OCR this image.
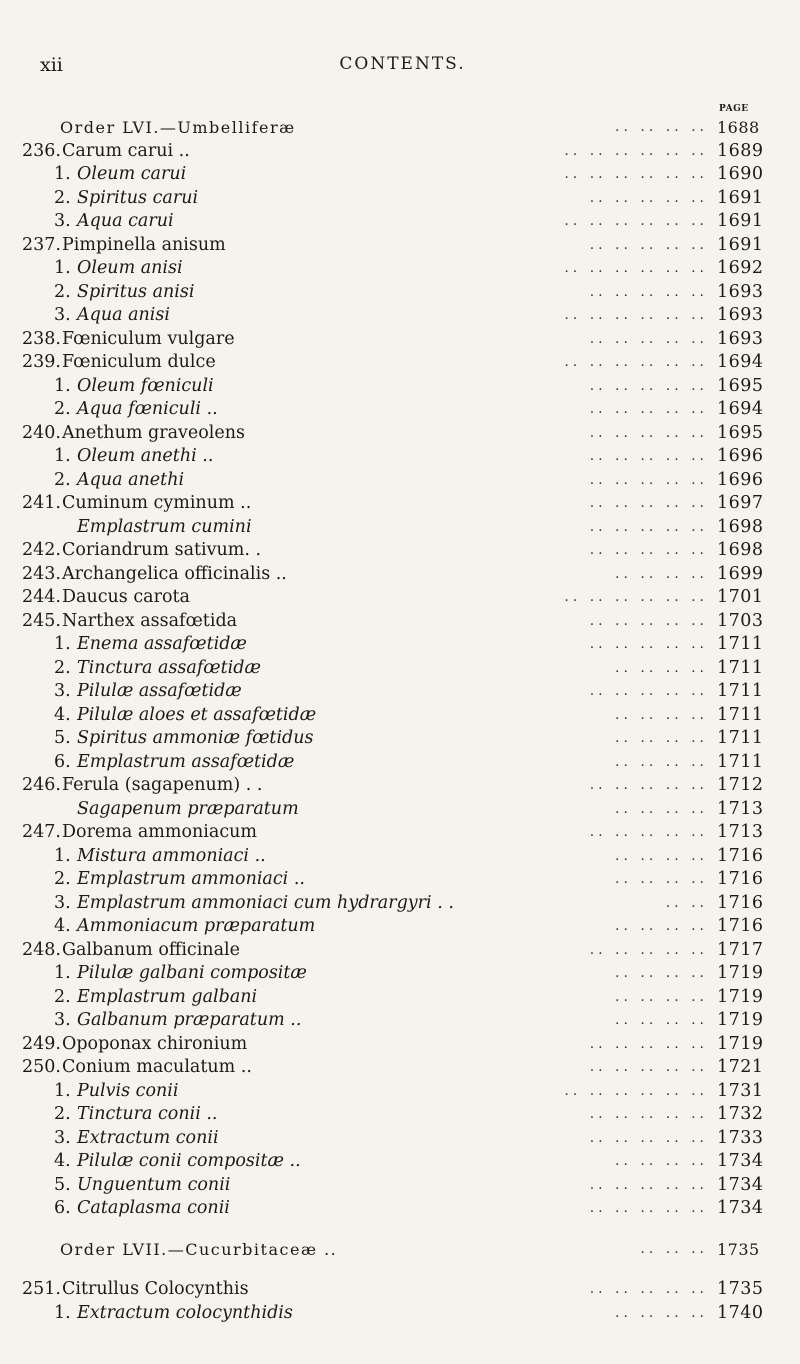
xii	CONTENTS.
PAGE
Order LVI.—Umbelliferæ	.. .. .. .. 1688
236. Carum carui ..	.. .. .. .. .. .. 1689
1. Oleum carui	.. .. .. .. .. .. 1690
2. Spiritus carui	.. .. .. .. .. 1691
3. Aqua carui	.. .. .. .. .. .. 1691
237. Pimpinella anisum	.. .. .. .. .. 1691
1. Oleum anisi	.. .. .. .. .. .. 1692
2. Spiritus anisi	.. .. .. .. .. 1693
3. Aqua anisi	.. .. .. .. .. .. 1693
238. Fœniculum vulgare	.. .. .. .. .. 1693
239. Fœniculum dulce	.. .. .. .. .. .. 1694
1. Oleum fœniculi	.. .. .. .. .. 1695
2. Aqua fœniculi ..	.. .. .. .. .. 1694
240. Anethum graveolens	.. .. .. .. .. 1695
1. Oleum anethi ..	.. .. .. .. .. 1696
2. Aqua anethi	.. .. .. .. .. 1696
241. Cuminum cyminum ..	.. .. .. .. .. 1697
Emplastrum cumini	.. .. .. .. .. 1698
242. Coriandrum sativum. .	.. .. .. .. .. 1698
243. Archangelica officinalis ..	.. .. .. .. 1699
244. Daucus carota	.. .. .. .. .. .. 1701
245. Narthex assafœtida	.. .. .. .. .. 1703
1. Enema assafœtidæ	.. .. .. .. .. 1711
2. Tinctura assafœtidæ	.. .. .. .. 1711
3. Pilulæ assafœtidæ	.. .. .. .. .. 1711
4. Pilulæ aloes et assafœtidæ	.. .. .. .. 1711
5. Spiritus ammoniæ fœtidus	.. .. .. .. 1711
6. Emplastrum assafœtidæ	.. .. .. .. 1711
246. Ferula (sagapenum) . .	.. .. .. .. .. 1712
Sagapenum præparatum	.. .. .. .. 1713
247. Dorema ammoniacum	.. .. .. .. .. 1713
1. Mistura ammoniaci ..	.. .. .. .. 1716
2. Emplastrum ammoniaci ..	.. .. .. .. 1716
3. Emplastrum ammoniaci cum hydrargyri . .	.. .. 1716
4. Ammoniacum præparatum	.. .. .. .. 1716
248. Galbanum officinale	.. .. .. .. .. 1717
1. Pilulæ galbani compositæ	.. .. .. .. 1719
2. Emplastrum galbani	.. .. .. .. 1719
3. Galbanum præparatum ..	.. .. .. .. 1719
249. Opoponax chironium	.. .. .. .. .. 1719
250. Conium maculatum ..	.. .. .. .. .. 1721
1. Pulvis conii	.. .. .. .. .. .. 1731
2. Tinctura conii ..	.. .. .. .. .. 1732
3. Extractum conii	.. .. .. .. .. 1733
4. Pilulæ conii compositæ ..	.. .. .. .. 1734
5. Unguentum conii	.. .. .. .. .. 1734
6. Cataplasma conii	.. .. .. .. .. 1734
Order LVII.—Cucurbitaceæ ..	.. .. .. 1735
251. Citrullus Colocynthis	.. .. .. .. .. 1735
1. Extractum colocynthidis	.. .. .. .. 1740
